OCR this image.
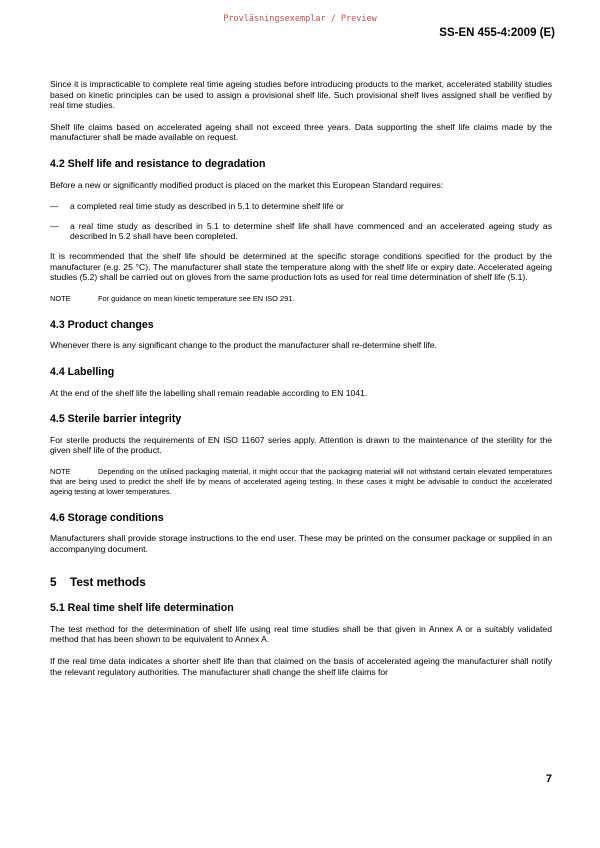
Provläsningsexemplar / Preview
SS-EN 455-4:2009 (E)

Since it is impracticable to complete real time ageing studies before introducing products to the market, accelerated stability studies based on kinetic principles can be used to assign a provisional shelf life. Such provisional shelf lives assigned shall be verified by real time studies.

Shelf life claims based on accelerated ageing shall not exceed three years. Data supporting the shelf life claims made by the manufacturer shall be made available on request.

4.2 Shelf life and resistance to degradation

Before a new or significantly modified product is placed on the market this European Standard requires:

—	a completed real time study as described in 5.1 to determine shelf life or
—	a real time study as described in 5.1 to determine shelf life shall have commenced and an accelerated ageing study as described in 5.2 shall have been completed.

It is recommended that the shelf life should be determined at the specific storage conditions specified for the product by the manufacturer (e.g. 25 °C). The manufacturer shall state the temperature along with the shelf life or expiry date. Accelerated ageing studies (5.2) shall be carried out on gloves from the same production lots as used for real time determination of shelf life (5.1).

NOTE	For guidance on mean kinetic temperature see EN ISO 291.
4.3 Product changes

Whenever there is any significant change to the product the manufacturer shall re-determine shelf life.

4.4 Labelling

At the end of the shelf life the labelling shall remain readable according to EN 1041.

4.5 Sterile barrier integrity

For sterile products the requirements of EN ISO 11607 series apply. Attention is drawn to the maintenance of the sterility for the given shelf life of the product.

NOTE	Depending on the utilised packaging material, it might occur that the packaging material will not withstand certain elevated temperatures that are being used to predict the shelf life by means of accelerated ageing testing. In these cases it might be advisable to conduct the accelerated ageing testing at lower temperatures.
4.6 Storage conditions

Manufacturers shall provide storage instructions to the end user. These may be printed on the consumer package or supplied in an accompanying document.

5 Test methods
5.1 Real time shelf life determination

The test method for the determination of shelf life using real time studies shall be that given in Annex A or a suitably validated method that has been shown to be equivalent to Annex A.

If the real time data indicates a shorter shelf life than that claimed on the basis of accelerated ageing the manufacturer shall notify the relevant regulatory authorities. The manufacturer shall change the shelf life claims for

7
